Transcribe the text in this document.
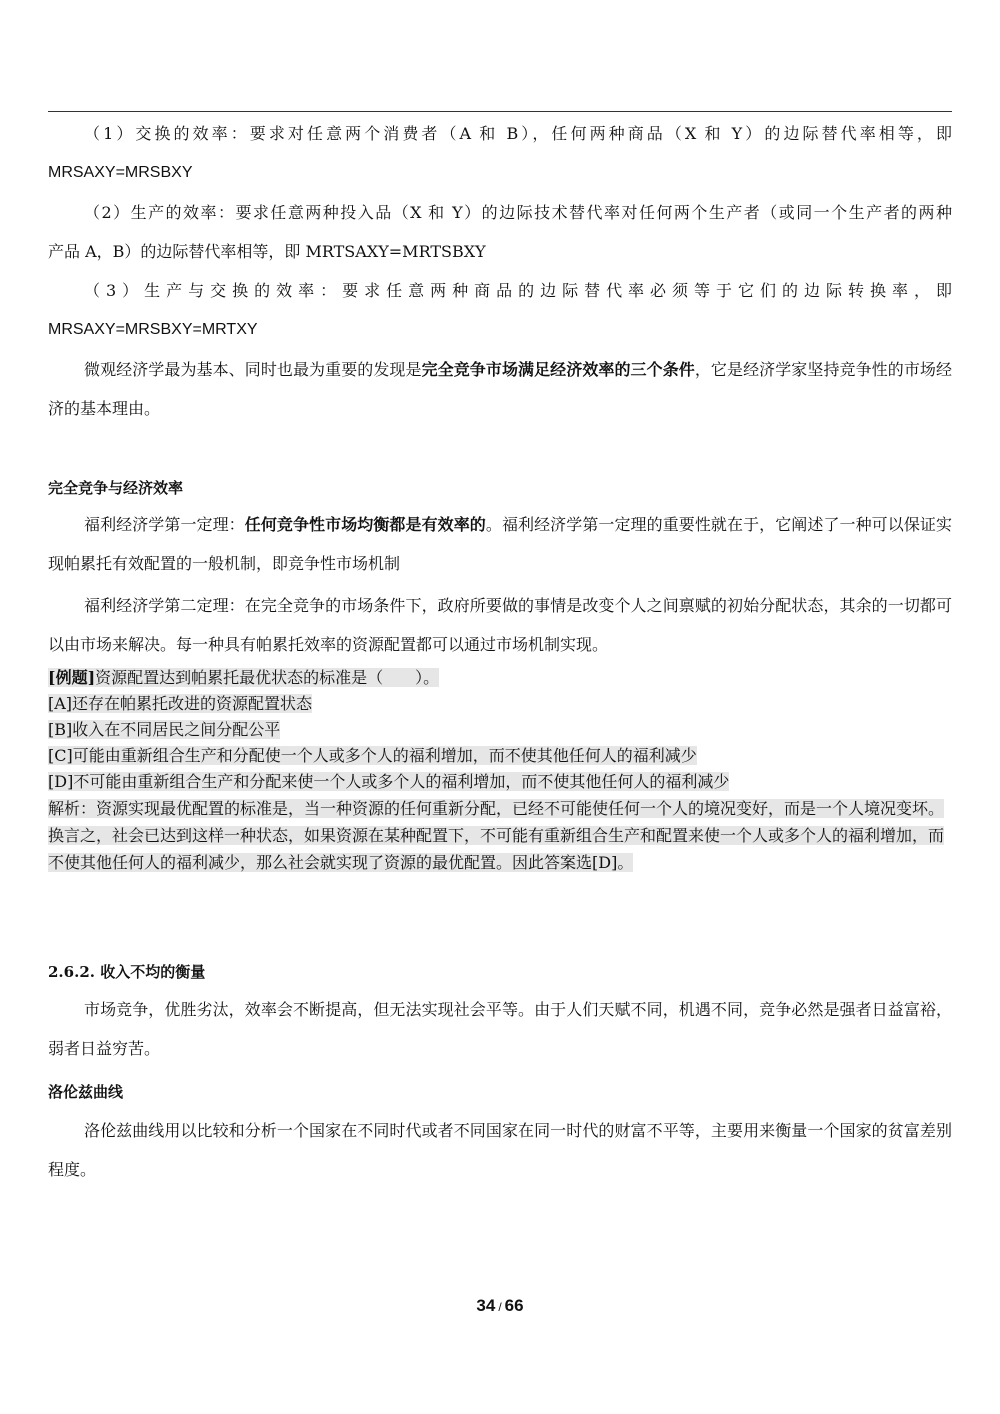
（1）交换的效率：要求对任意两个消费者（A 和 B），任何两种商品（X 和 Y）的边际替代率相等，即

MRSAXY=MRSBXY

（2）生产的效率：要求任意两种投入品（X 和 Y）的边际技术替代率对任何两个生产者（或同一个生产者的两种

产品 A，B）的边际替代率相等，即 MRTSAXY=MRTSBXY

（3）生产与交换的效率：要求任意两种商品的边际替代率必须等于它们的边际转换率，即

MRSAXY=MRSBXY=MRTXY

微观经济学最为基本、同时也最为重要的发现是完全竞争市场满足经济效率的三个条件，它是经济学家坚持竞争性的市场经济的基本理由。

完全竞争与经济效率

福利经济学第一定理：任何竞争性市场均衡都是有效率的。福利经济学第一定理的重要性就在于，它阐述了一种可以保证实现帕累托有效配置的一般机制，即竞争性市场机制

福利经济学第二定理：在完全竞争的市场条件下，政府所要做的事情是改变个人之间禀赋的初始分配状态，其余的一切都可以由市场来解决。每一种具有帕累托效率的资源配置都可以通过市场机制实现。

[例题]资源配置达到帕累托最优状态的标准是（　　）。

[A]还存在帕累托改进的资源配置状态

[B]收入在不同居民之间分配公平

[C]可能由重新组合生产和分配使一个人或多个人的福利增加，而不使其他任何人的福利减少

[D]不可能由重新组合生产和分配来使一个人或多个人的福利增加，而不使其他任何人的福利减少

解析：资源实现最优配置的标准是，当一种资源的任何重新分配，已经不可能使任何一个人的境况变好，而是一个人境况变坏。换言之，社会已达到这样一种状态，如果资源在某种配置下，不可能有重新组合生产和配置来使一个人或多个人的福利增加，而不使其他任何人的福利减少，那么社会就实现了资源的最优配置。因此答案选[D]。

2.6.2. 收入不均的衡量

市场竞争，优胜劣汰，效率会不断提高，但无法实现社会平等。由于人们天赋不同，机遇不同，竞争必然是强者日益富裕，弱者日益穷苦。

洛伦兹曲线

洛伦兹曲线用以比较和分析一个国家在不同时代或者不同国家在同一时代的财富不平等，主要用来衡量一个国家的贫富差别程度。

34 / 66
